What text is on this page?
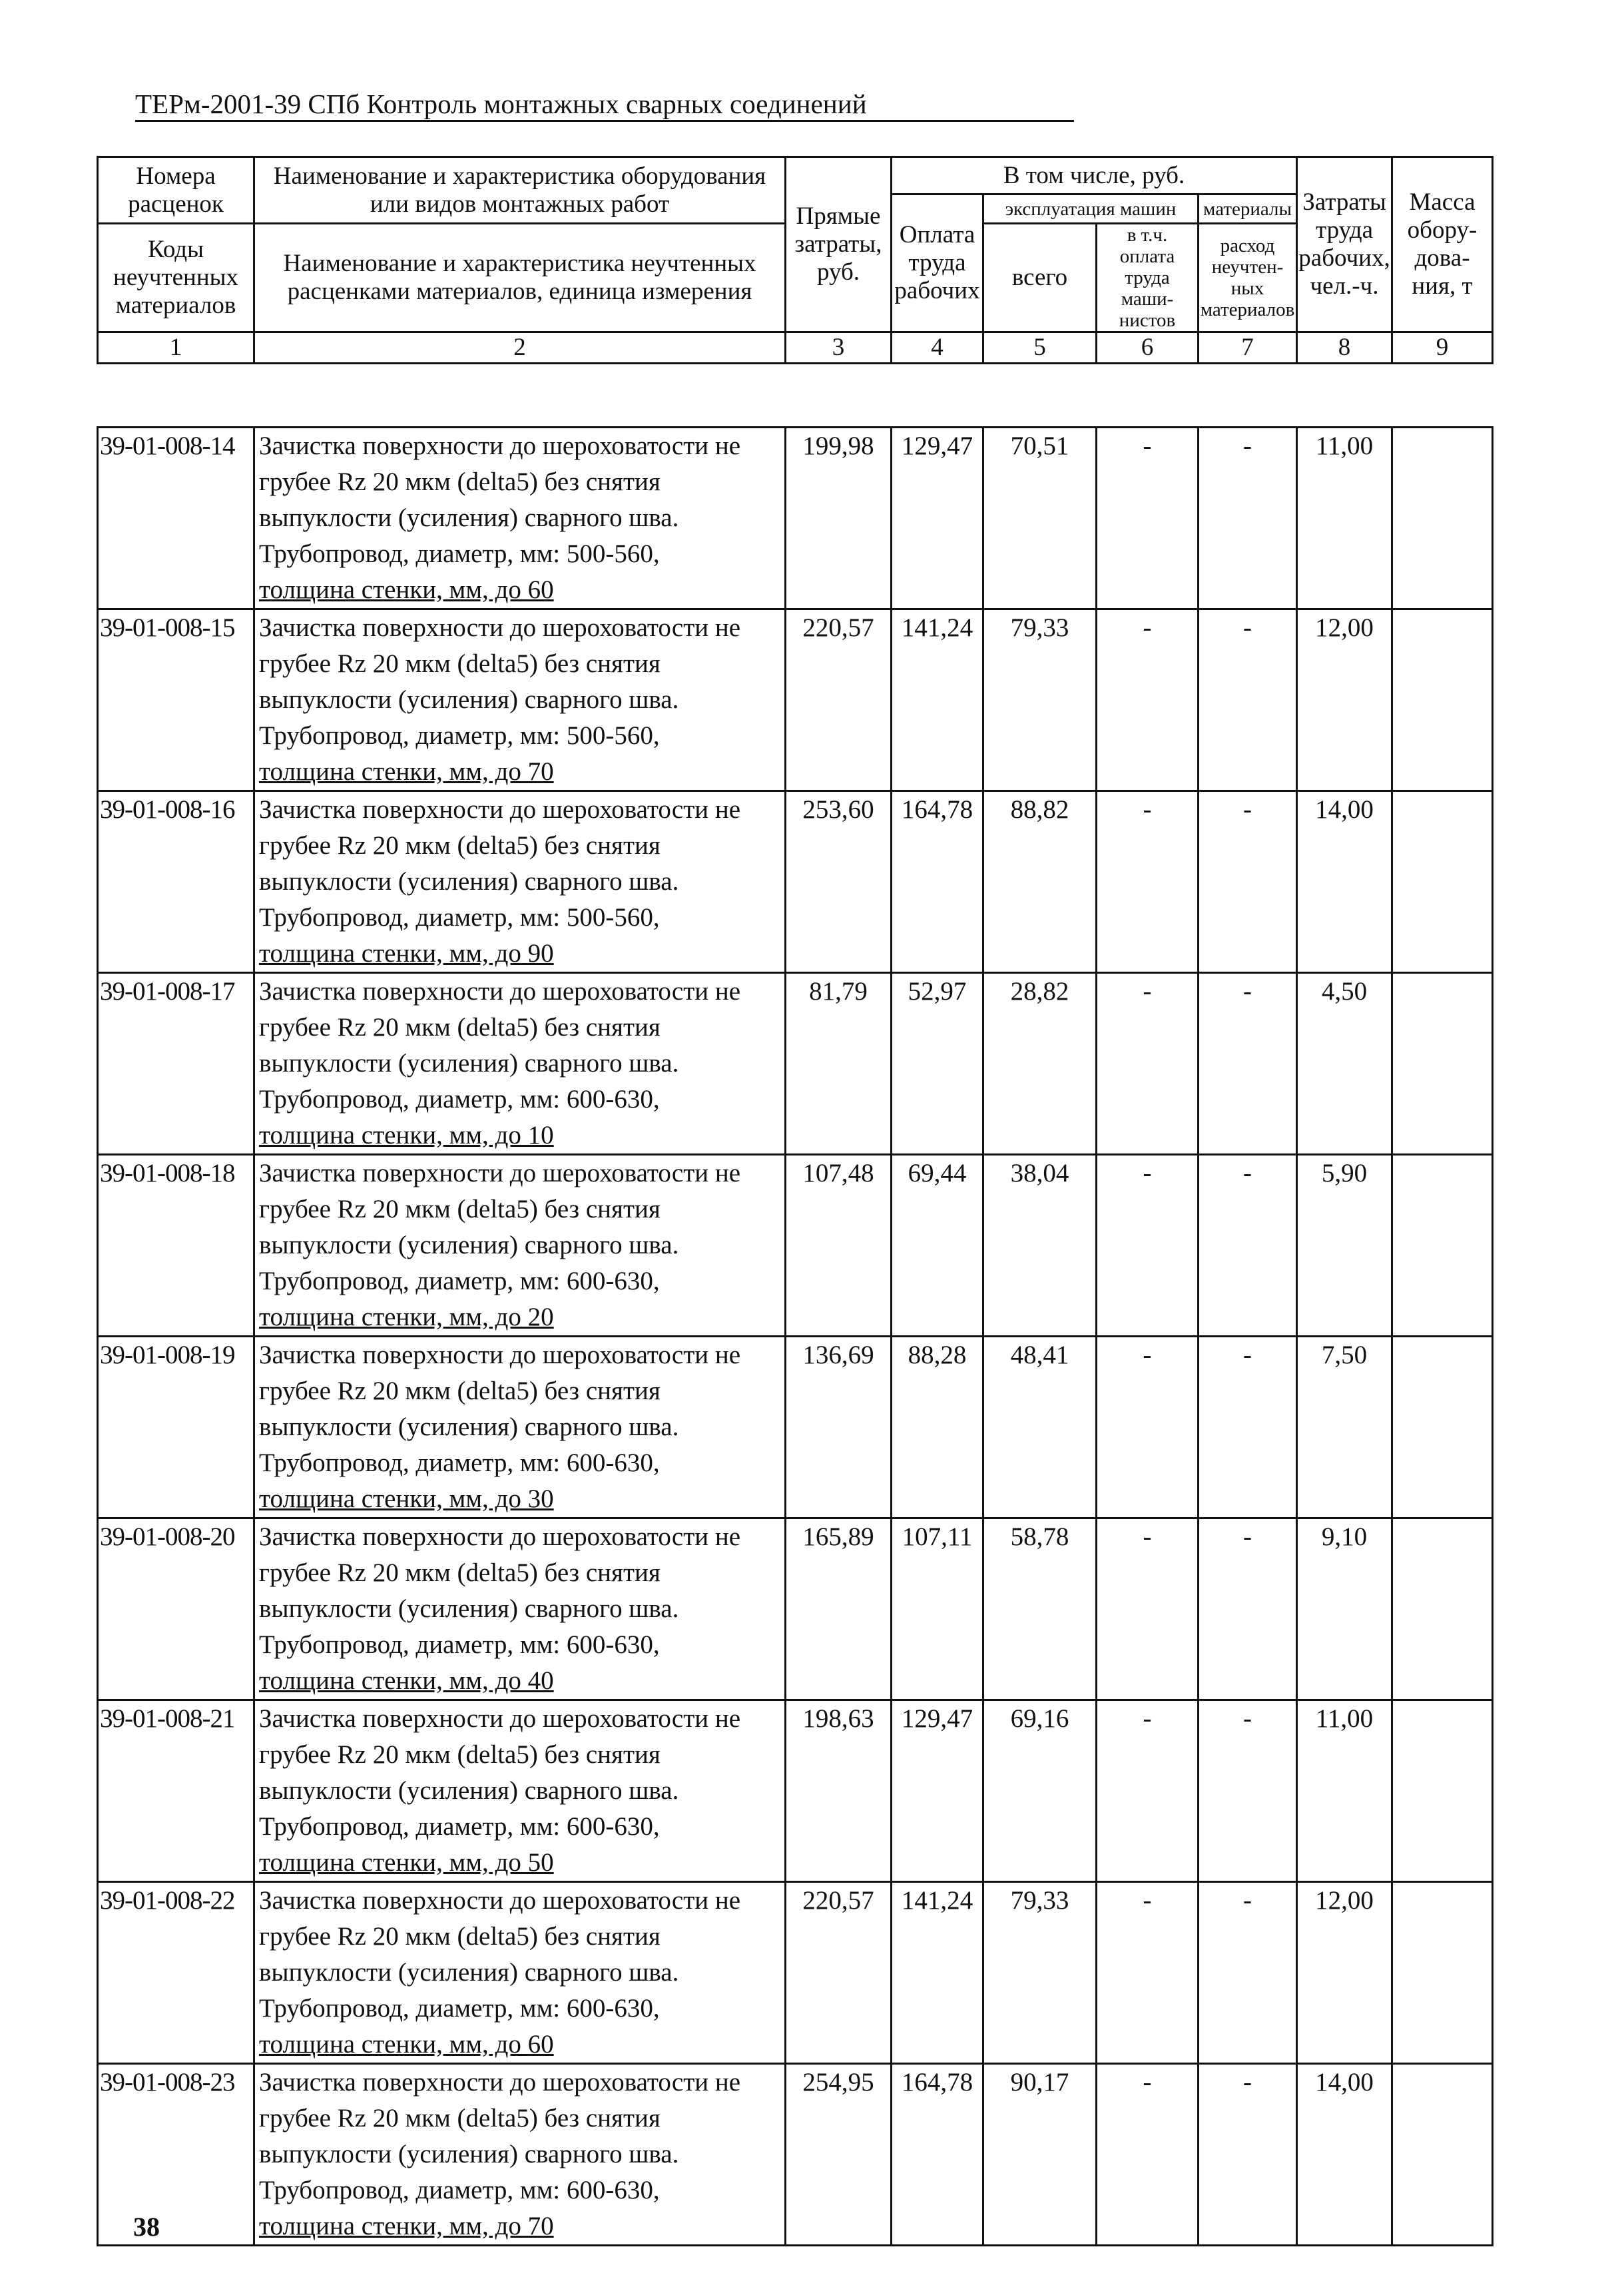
ТЕРм-2001-39 СПб Контроль монтажных сварных соединений
Номера расценок	Наименование и характеристика оборудования или видов монтажных работ	Прямые затраты, руб.	В том числе, руб.				Затраты труда рабочих, чел.-ч.	Масса обору-дова-ния, т
			Оплата труда рабочих	эксплуатация машин		материалы		
Коды неучтенных материалов	Наименование и характеристика неучтенных расценками материалов, единица измерения			всего	в т.ч. оплата труда маши-нистов	расход неучтен-ных материалов		

1	2	3	4	5	6	7	8	9
39-01-008-14	Зачистка поверхности до шероховатости не
грубее Rz 20 мкм (delta5) без снятия
выпуклости (усиления) сварного шва.
Трубопровод, диаметр, мм: 500-560,
толщина стенки, мм, до 60	199,98	129,47	70,51	-	-	11,00	
39-01-008-15	Зачистка поверхности до шероховатости не
грубее Rz 20 мкм (delta5) без снятия
выпуклости (усиления) сварного шва.
Трубопровод, диаметр, мм: 500-560,
толщина стенки, мм, до 70	220,57	141,24	79,33	-	-	12,00	
39-01-008-16	Зачистка поверхности до шероховатости не
грубее Rz 20 мкм (delta5) без снятия
выпуклости (усиления) сварного шва.
Трубопровод, диаметр, мм: 500-560,
толщина стенки, мм, до 90	253,60	164,78	88,82	-	-	14,00	
39-01-008-17	Зачистка поверхности до шероховатости не
грубее Rz 20 мкм (delta5) без снятия
выпуклости (усиления) сварного шва.
Трубопровод, диаметр, мм: 600-630,
толщина стенки, мм, до 10	81,79	52,97	28,82	-	-	4,50	
39-01-008-18	Зачистка поверхности до шероховатости не
грубее Rz 20 мкм (delta5) без снятия
выпуклости (усиления) сварного шва.
Трубопровод, диаметр, мм: 600-630,
толщина стенки, мм, до 20	107,48	69,44	38,04	-	-	5,90	
39-01-008-19	Зачистка поверхности до шероховатости не
грубее Rz 20 мкм (delta5) без снятия
выпуклости (усиления) сварного шва.
Трубопровод, диаметр, мм: 600-630,
толщина стенки, мм, до 30	136,69	88,28	48,41	-	-	7,50	
39-01-008-20	Зачистка поверхности до шероховатости не
грубее Rz 20 мкм (delta5) без снятия
выпуклости (усиления) сварного шва.
Трубопровод, диаметр, мм: 600-630,
толщина стенки, мм, до 40	165,89	107,11	58,78	-	-	9,10	
39-01-008-21	Зачистка поверхности до шероховатости не
грубее Rz 20 мкм (delta5) без снятия
выпуклости (усиления) сварного шва.
Трубопровод, диаметр, мм: 600-630,
толщина стенки, мм, до 50	198,63	129,47	69,16	-	-	11,00	
39-01-008-22	Зачистка поверхности до шероховатости не
грубее Rz 20 мкм (delta5) без снятия
выпуклости (усиления) сварного шва.
Трубопровод, диаметр, мм: 600-630,
толщина стенки, мм, до 60	220,57	141,24	79,33	-	-	12,00	
39-01-008-23	Зачистка поверхности до шероховатости не
грубее Rz 20 мкм (delta5) без снятия
выпуклости (усиления) сварного шва.
Трубопровод, диаметр, мм: 600-630,
толщина стенки, мм, до 70	254,95	164,78	90,17	-	-	14,00	
38
